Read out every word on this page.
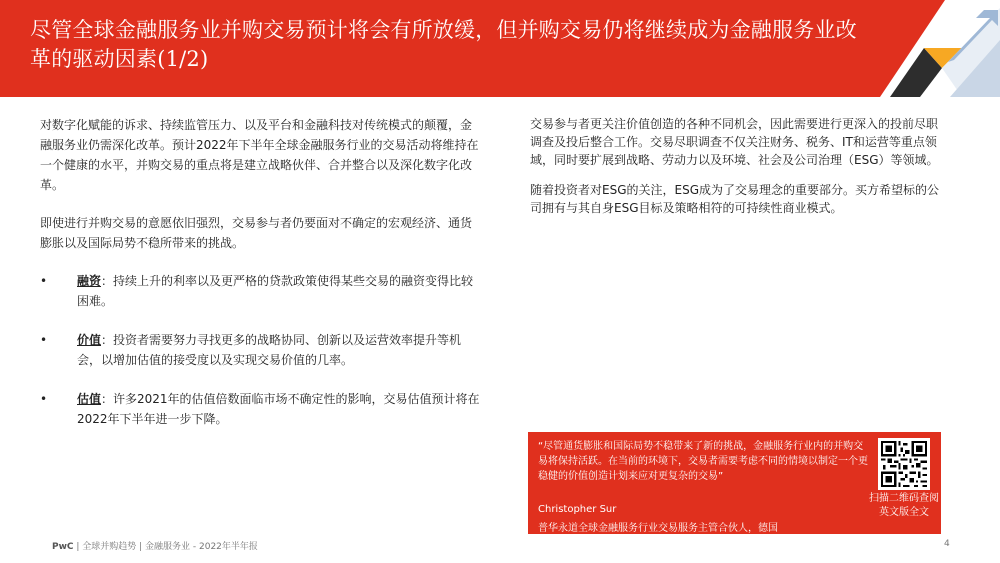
尽管全球金融服务业并购交易预计将会有所放缓，但并购交易仍将继续成为金融服务业改革的驱动因素(1/2)

对数字化赋能的诉求、持续监管压力、以及平台和金融科技对传统模式的颠覆，金融服务业仍需深化改革。预计2022年下半年全球金融服务行业的交易活动将维持在一个健康的水平，并购交易的重点将是建立战略伙伴、合并整合以及深化数字化改革。

即使进行并购交易的意愿依旧强烈，交易参与者仍要面对不确定的宏观经济、通货膨胀以及国际局势不稳所带来的挑战。

• 融资：持续上升的利率以及更严格的贷款政策使得某些交易的融资变得比较困难。
• 价值：投资者需要努力寻找更多的战略协同、创新以及运营效率提升等机会，以增加估值的接受度以及实现交易价值的几率。
• 估值：许多2021年的估值倍数面临市场不确定性的影响，交易估值预计将在2022年下半年进一步下降。

交易参与者更关注价值创造的各种不同机会，因此需要进行更深入的投前尽职调查及投后整合工作。交易尽职调查不仅关注财务、税务、IT和运营等重点领域，同时要扩展到战略、劳动力以及环境、社会及公司治理（ESG）等领域。

随着投资者对ESG的关注，ESG成为了交易理念的重要部分。买方希望标的公司拥有与其自身ESG目标及策略相符的可持续性商业模式。

“尽管通货膨胀和国际局势不稳带来了新的挑战，金融服务行业内的并购交易将保持活跃。在当前的环境下，交易者需要考虑不同的情境以制定一个更稳健的价值创造计划来应对更复杂的交易”
Christopher Sur
普华永道全球金融服务行业交易服务主管合伙人，德国
扫描二维码查阅英文版全文
PwC | 全球并购趋势 | 金融服务业 - 2022年半年报	4
